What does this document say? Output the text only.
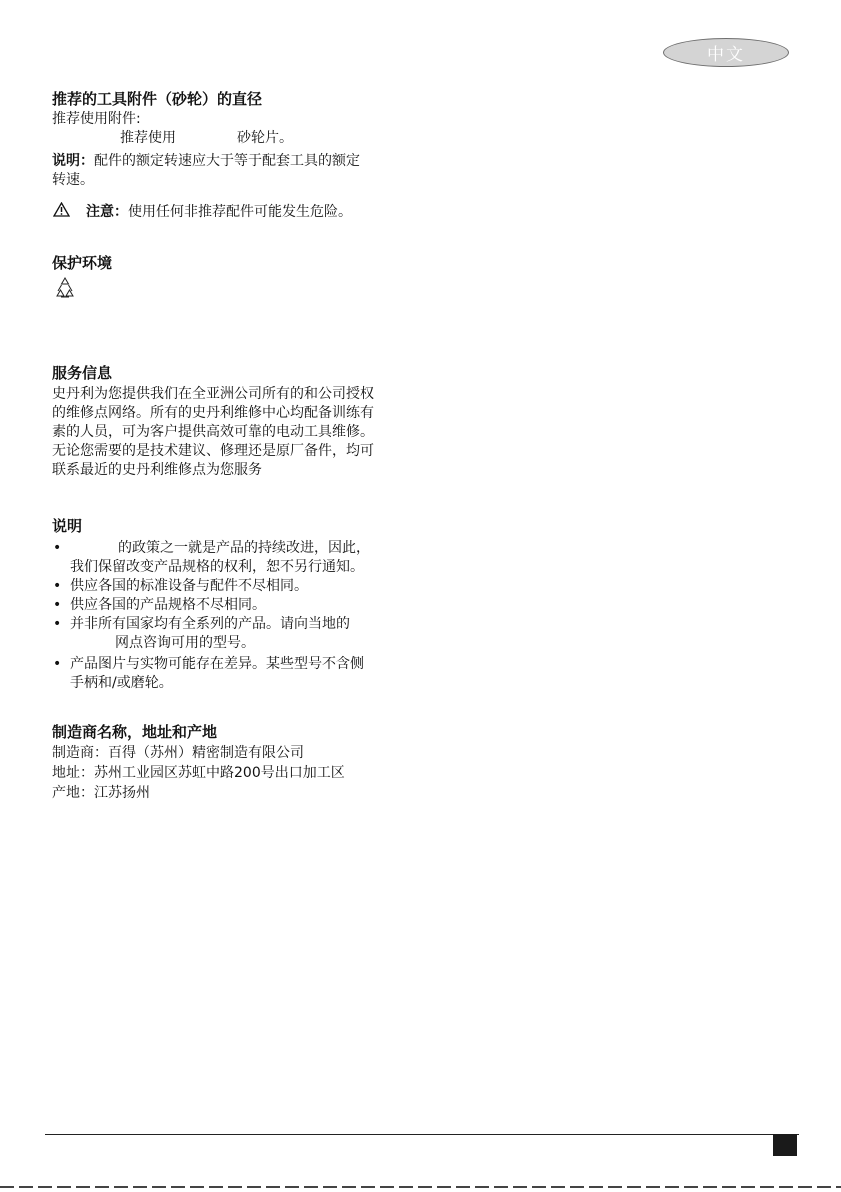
中文
推荐的工具附件（砂轮）的直径
推荐使用附件:
推荐使用	砂轮片。
说明：配件的额定转速应大于等于配套工具的额定
转速。
注意：使用任何非推荐配件可能发生危险。
保护环境
服务信息
史丹利为您提供我们在全亚洲公司所有的和公司授权
的维修点网络。所有的史丹利维修中心均配备训练有
素的人员，可为客户提供高效可靠的电动工具维修。
无论您需要的是技术建议、修理还是原厂备件，均可
联系最近的史丹利维修点为您服务
说明
•	的政策之一就是产品的持续改进，因此，
我们保留改变产品规格的权利，恕不另行通知。
• 供应各国的标准设备与配件不尽相同。
• 供应各国的产品规格不尽相同。
• 并非所有国家均有全系列的产品。请向当地的
网点咨询可用的型号。
• 产品图片与实物可能存在差异。某些型号不含侧
手柄和/或磨轮。
制造商名称，地址和产地
制造商：百得（苏州）精密制造有限公司
地址：苏州工业园区苏虹中路200号出口加工区
产地：江苏扬州
